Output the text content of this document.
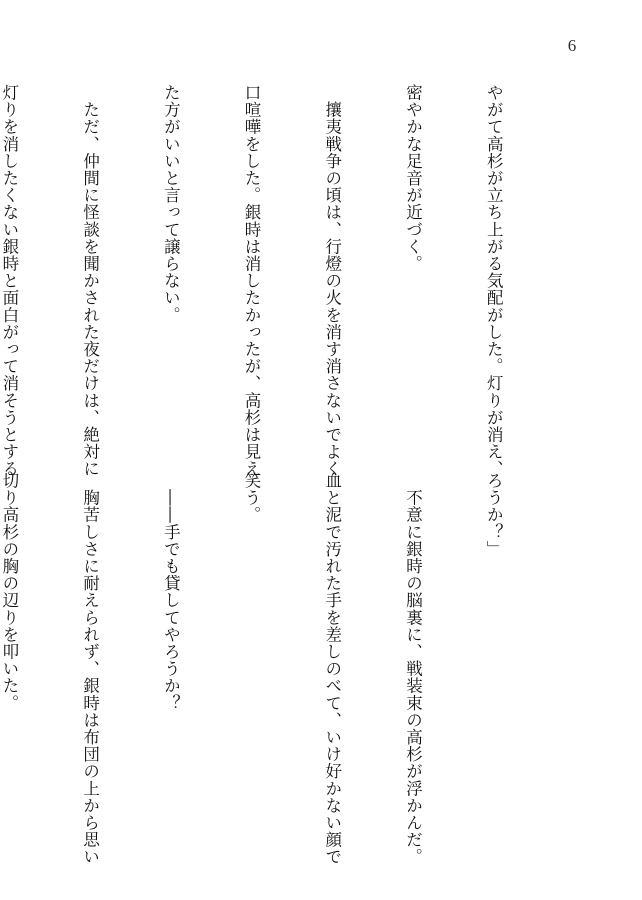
6

やがて高杉が立ち上がる気配がした。灯りが消え、

密やかな足音が近づく。

　攘夷戦争の頃は、行燈の火を消す消さないでよく

口喧嘩をした。銀時は消したかったが、高杉は見え

た方がいいと言って譲らない。

　ただ、仲間に怪談を聞かされた夜だけは、絶対に

灯りを消したくない銀時と面白がって消そうとする

ろうか？」

　不意に銀時の脳裏に、戦装束の高杉が浮かんだ。

血と泥で汚れた手を差しのべて、いけ好かない顔で

笑う。

　――手でも貸してやろうか？

　胸苦しさに耐えられず、銀時は布団の上から思い

切り高杉の胸の辺りを叩いた。
